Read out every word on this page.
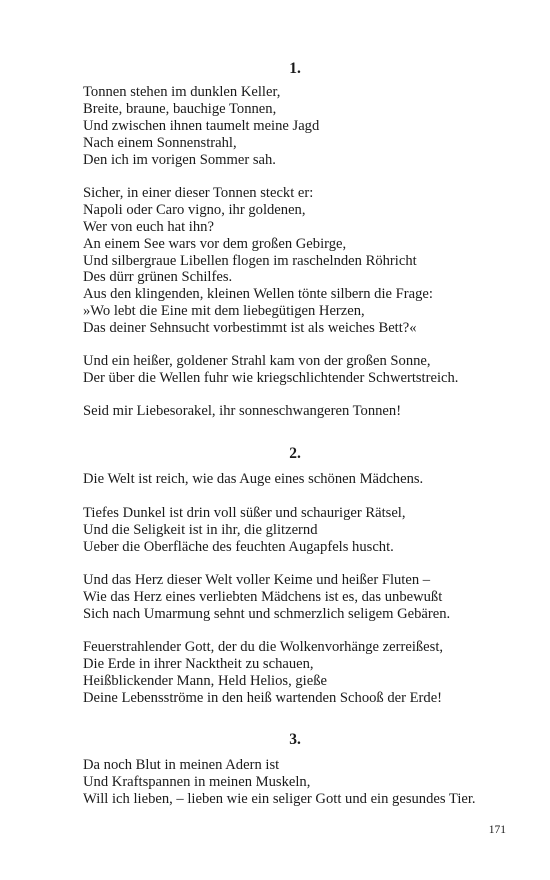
1.
Tonnen stehen im dunklen Keller,
Breite, braune, bauchige Tonnen,
Und zwischen ihnen taumelt meine Jagd
Nach einem Sonnenstrahl,
Den ich im vorigen Sommer sah.
Sicher, in einer dieser Tonnen steckt er:
Napoli oder Caro vigno, ihr goldenen,
Wer von euch hat ihn?
An einem See wars vor dem großen Gebirge,
Und silbergraue Libellen flogen im raschelnden Röhricht
Des dürr grünen Schilfes.
Aus den klingenden, kleinen Wellen tönte silbern die Frage:
»Wo lebt die Eine mit dem liebegütigen Herzen,
Das deiner Sehnsucht vorbestimmt ist als weiches Bett?«
Und ein heißer, goldener Strahl kam von der großen Sonne,
Der über die Wellen fuhr wie kriegschlichtender Schwertstreich.
Seid mir Liebesorakel, ihr sonneschwangeren Tonnen!
2.
Die Welt ist reich, wie das Auge eines schönen Mädchens.
Tiefes Dunkel ist drin voll süßer und schauriger Rätsel,
Und die Seligkeit ist in ihr, die glitzernd
Ueber die Oberfläche des feuchten Augapfels huscht.
Und das Herz dieser Welt voller Keime und heißer Fluten –
Wie das Herz eines verliebten Mädchens ist es, das unbewußt
Sich nach Umarmung sehnt und schmerzlich seligem Gebären.
Feuerstrahlender Gott, der du die Wolkenvorhänge zerreißest,
Die Erde in ihrer Nacktheit zu schauen,
Heißblickender Mann, Held Helios, gieße
Deine Lebensströme in den heiß wartenden Schooß der Erde!
3.
Da noch Blut in meinen Adern ist
Und Kraftspannen in meinen Muskeln,
Will ich lieben, – lieben wie ein seliger Gott und ein gesundes Tier.
171
